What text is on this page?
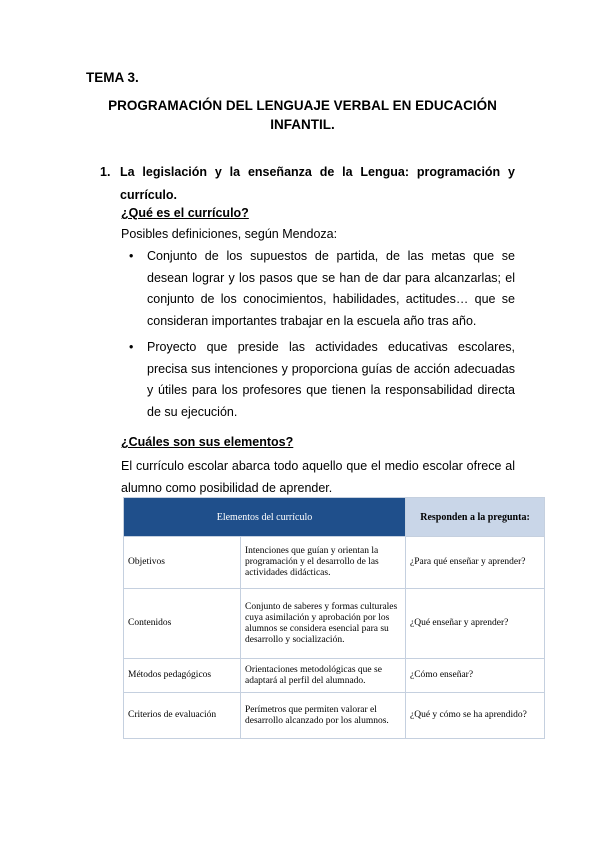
TEMA 3.
PROGRAMACIÓN DEL LENGUAJE VERBAL EN EDUCACIÓN
INFANTIL.
1. La legislación y la enseñanza de la Lengua: programación y currículo.
¿Qué es el currículo?
Posibles definiciones, según Mendoza:
• Conjunto de los supuestos de partida, de las metas que se desean lograr y los pasos que se han de dar para alcanzarlas; el conjunto de los conocimientos, habilidades, actitudes… que se consideran importantes trabajar en la escuela año tras año.
• Proyecto que preside las actividades educativas escolares, precisa sus intenciones y proporciona guías de acción adecuadas y útiles para los profesores que tienen la responsabilidad directa de su ejecución.
¿Cuáles son sus elementos?
El currículo escolar abarca todo aquello que el medio escolar ofrece al alumno como posibilidad de aprender.
Elementos del currículo		Responden a la pregunta:
Objetivos	Intenciones que guían y orientan la programación y el desarrollo de las actividades didácticas.	¿Para qué enseñar y aprender?
Contenidos	Conjunto de saberes y formas culturales cuya asimilación y aprobación por los alumnos se considera esencial para su desarrollo y socialización.	¿Qué enseñar y aprender?
Métodos pedagógicos	Orientaciones metodológicas que se adaptará al perfil del alumnado.	¿Cómo enseñar?
Criterios de evaluación	Perímetros que permiten valorar el desarrollo alcanzado por los alumnos.	¿Qué y cómo se ha aprendido?
